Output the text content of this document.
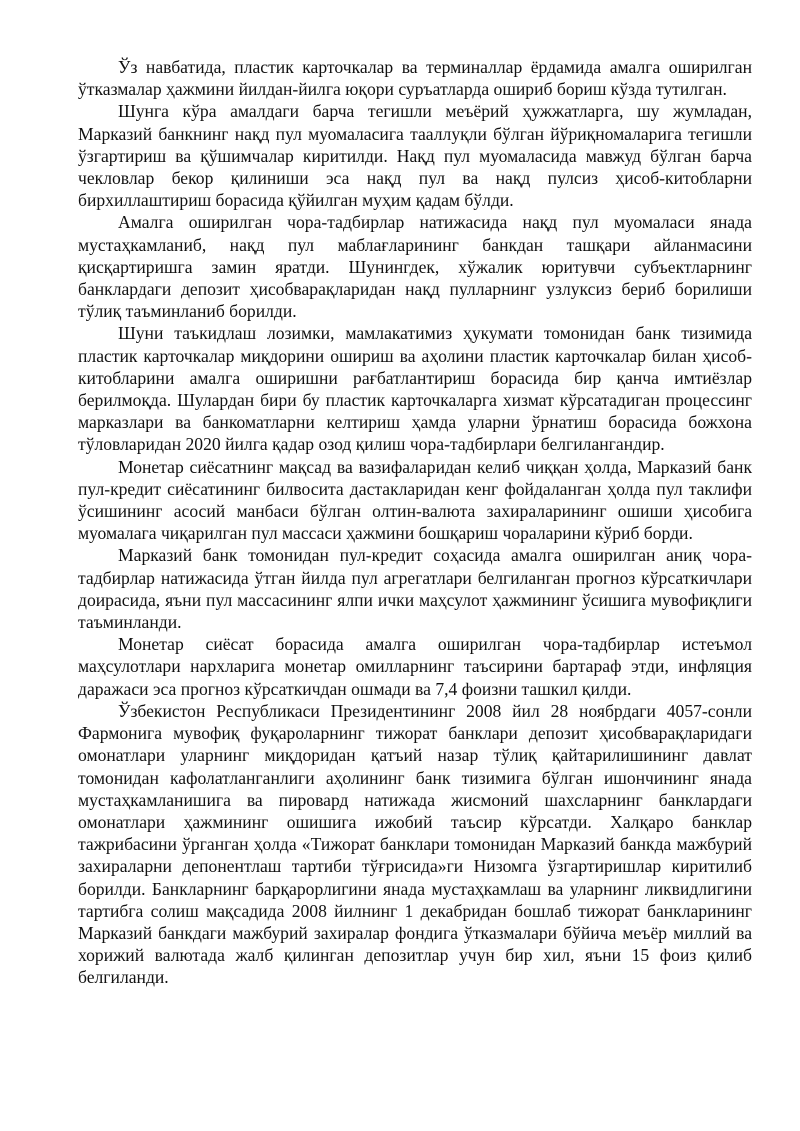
Ўз навбатида, пластик карточкалар ва терминаллар ёрдамида амалга оширилган ўтказмалар ҳажмини йилдан-йилга юқори суръатларда ошириб бориш кўзда тутилган.

Шунга кўра амалдаги барча тегишли меъёрий ҳужжатларга, шу жумладан, Марказий банкнинг нақд пул муомаласига тааллуқли бўлган йўриқномаларига тегишли ўзгартириш ва қўшимчалар киритилди. Нақд пул муомаласида мавжуд бўлган барча чекловлар бекор қилиниши эса нақд пул ва нақд пулсиз ҳисоб-китобларни бирхиллаштириш борасида қўйилган муҳим қадам бўлди.

Амалга оширилган чора-тадбирлар натижасида нақд пул муомаласи янада мустаҳкамланиб, нақд пул маблағларининг банкдан ташқари айланмасини қисқартиришга замин яратди. Шунингдек, хўжалик юритувчи субъектларнинг банклардаги депозит ҳисобварақларидан нақд пулларнинг узлуксиз бериб борилиши тўлиқ таъминланиб борилди.

Шуни таъкидлаш лозимки, мамлакатимиз ҳукумати томонидан банк тизимида пластик карточкалар миқдорини ошириш ва аҳолини пластик карточкалар билан ҳисоб-китобларини амалга оширишни рағбатлантириш борасида бир қанча имтиёзлар берилмоқда. Шулардан бири бу пластик карточкаларга хизмат кўрсатадиган процессинг марказлари ва банкоматларни келтириш ҳамда уларни ўрнатиш борасида божхона тўловларидан 2020 йилга қадар озод қилиш чора-тадбирлари белгилангандир.

Монетар сиёсатнинг мақсад ва вазифаларидан келиб чиққан ҳолда, Марказий банк пул-кредит сиёсатининг билвосита дастакларидан кенг фойдаланган ҳолда пул таклифи ўсишининг асосий манбаси бўлган олтин-валюта захираларининг ошиши ҳисобига муомалага чиқарилган пул массаси ҳажмини бошқариш чораларини кўриб борди.

Марказий банк томонидан пул-кредит соҳасида амалга оширилган аниқ чора-тадбирлар натижасида ўтган йилда пул агрегатлари белгиланган прогноз кўрсаткичлари доирасида, яъни пул массасининг ялпи ички маҳсулот ҳажмининг ўсишига мувофиқлиги таъминланди.

Монетар сиёсат борасида амалга оширилган чора-тадбирлар истеъмол маҳсулотлари нархларига монетар омилларнинг таъсирини бартараф этди, инфляция даражаси эса прогноз кўрсаткичдан ошмади ва 7,4 фоизни ташкил қилди.

Ўзбекистон Республикаси Президентининг 2008 йил 28 ноябрдаги 4057-сонли Фармонига мувофиқ фуқароларнинг тижорат банклари депозит ҳисобварақларидаги омонатлари уларнинг миқдоридан қатъий назар тўлиқ қайтарилишининг давлат томонидан кафолатланганлиги аҳолининг банк тизимига бўлган ишончининг янада мустаҳкамланишига ва пировард натижада жисмоний шахсларнинг банклардаги омонатлари ҳажмининг ошишига ижобий таъсир кўрсатди. Халқаро банклар тажрибасини ўрганган ҳолда «Тижорат банклари томонидан Марказий банкда мажбурий захираларни депонентлаш тартиби тўғрисида»ги Низомга ўзгартиришлар киритилиб борилди. Банкларнинг барқарорлигини янада мустаҳкамлаш ва уларнинг ликвидлигини тартибга солиш мақсадида 2008 йилнинг 1 декабридан бошлаб тижорат банкларининг Марказий банкдаги мажбурий захиралар фондига ўтказмалари бўйича меъёр миллий ва хорижий валютада жалб қилинган депозитлар учун бир хил, яъни 15 фоиз қилиб белгиланди.
